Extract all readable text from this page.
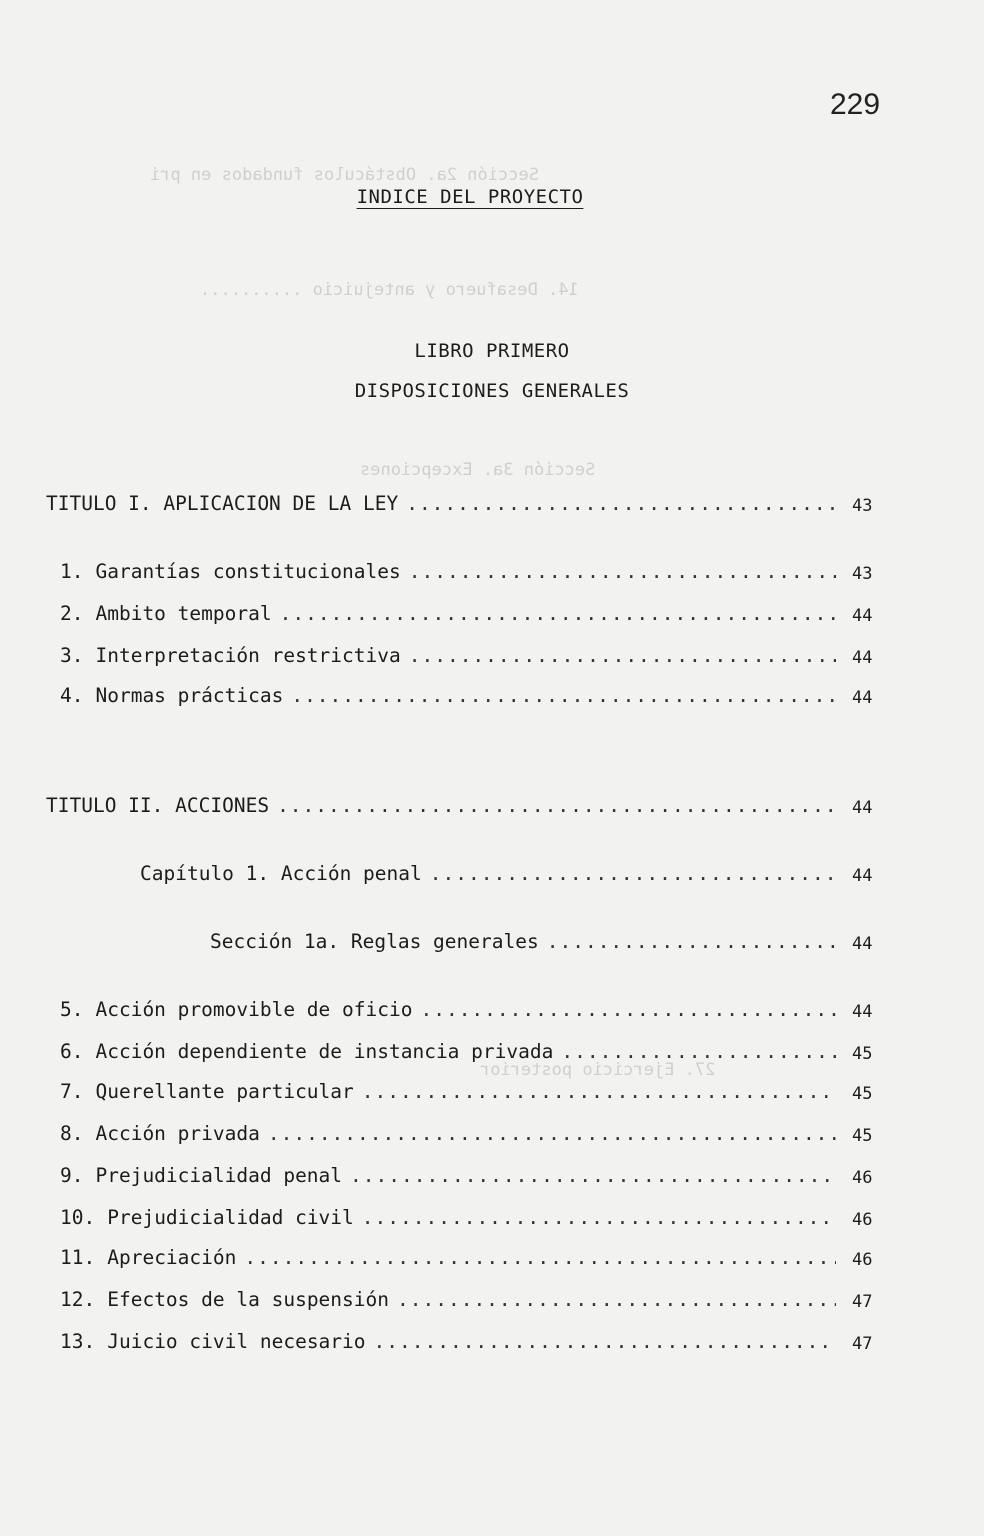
229
INDICE DEL PROYECTO
LIBRO PRIMERO
DISPOSICIONES GENERALES
Sección 2a. Obstáculos fundados en pri
14. Desafuero y antejuicio ..........
Sección 3a. Excepciones
27. Ejercicio posterior
TITULO I. APLICACION DE LA LEY .....	43
1. Garantías constitucionales .....	43
2. Ambito temporal .....	44
3. Interpretación restrictiva .....	44
4. Normas prácticas .....	44
TITULO II. ACCIONES .....	44
Capítulo 1. Acción penal .....	44
Sección 1a. Reglas generales .....	44
5. Acción promovible de oficio .....	44
6. Acción dependiente de instancia privada .....	45
7. Querellante particular .....	45
8. Acción privada .....	45
9. Prejudicialidad penal .....	46
10. Prejudicialidad civil .....	46
11. Apreciación .....	46
12. Efectos de la suspensión .....	47
13. Juicio civil necesario .....	47
